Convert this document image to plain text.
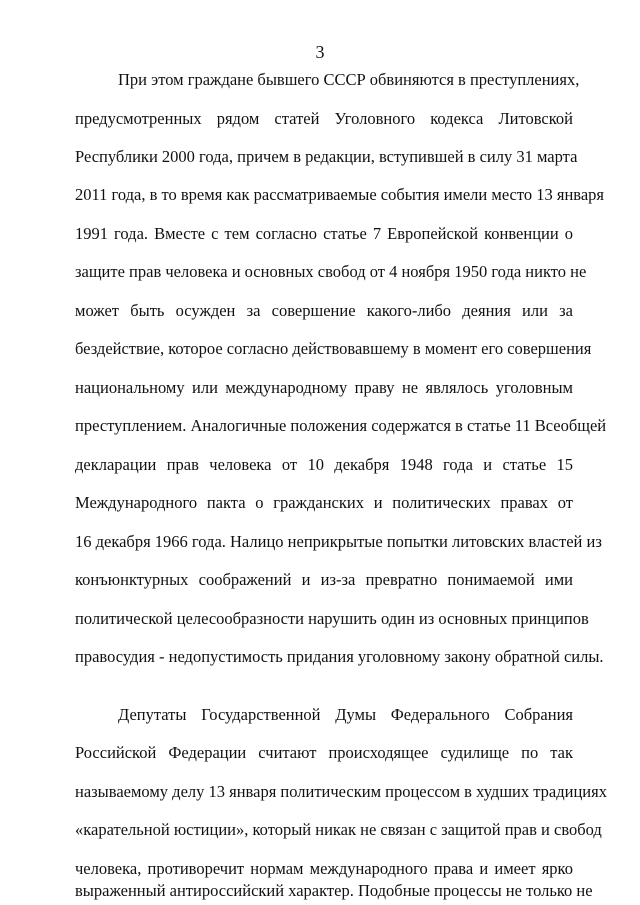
3
При этом граждане бывшего СССР обвиняются в преступлениях,
предусмотренных рядом статей Уголовного кодекса Литовской
Республики 2000 года, причем в редакции, вступившей в силу 31 марта
2011 года, в то время как рассматриваемые события имели место 13 января
1991 года. Вместе с тем согласно статье 7 Европейской конвенции о
защите прав человека и основных свобод от 4 ноября 1950 года никто не
может быть осужден за совершение какого-либо деяния или за
бездействие, которое согласно действовавшему в момент его совершения
национальному или международному праву не являлось уголовным
преступлением. Аналогичные положения содержатся в статье 11 Всеобщей
декларации прав человека от 10 декабря 1948 года и статье 15
Международного пакта о гражданских и политических правах от
16 декабря 1966 года. Налицо неприкрытые попытки литовских властей из
конъюнктурных соображений и из-за превратно понимаемой ими
политической целесообразности нарушить один из основных принципов
правосудия - недопустимость придания уголовному закону обратной силы.
Депутаты Государственной Думы Федерального Собрания
Российской Федерации считают происходящее судилище по так
называемому делу 13 января политическим процессом в худших традициях
«карательной юстиции», который никак не связан с защитой прав и свобод
человека, противоречит нормам международного права и имеет ярко
выраженный антироссийский характер. Подобные процессы не только не
